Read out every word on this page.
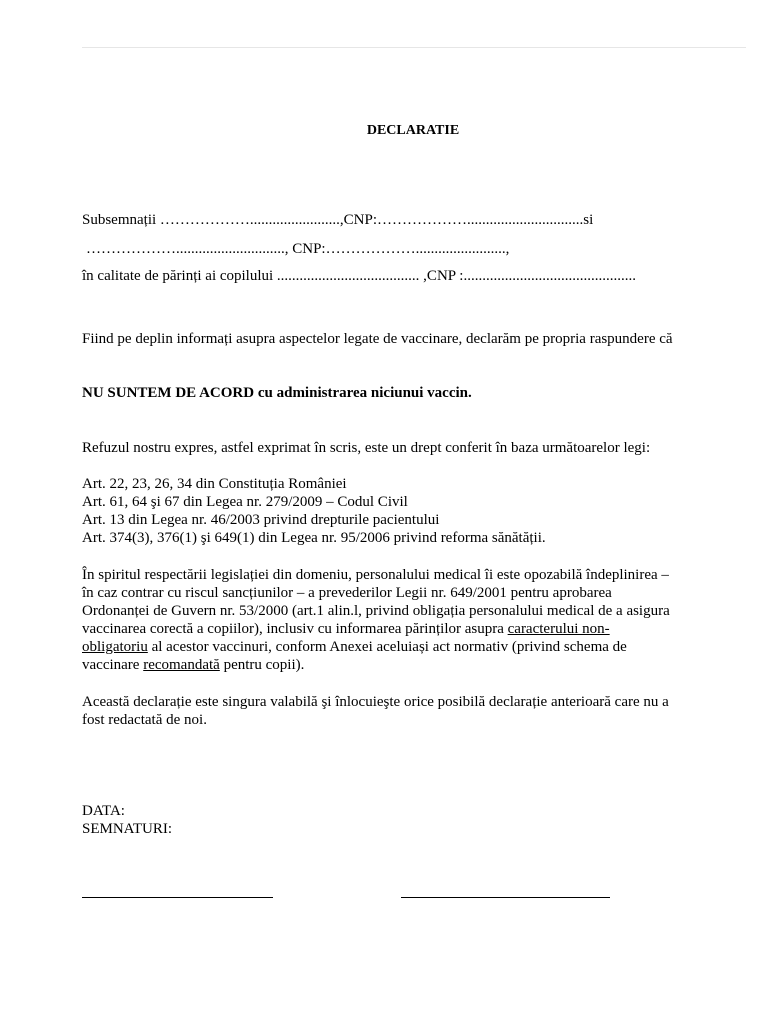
DECLARATIE
Subsemnații ………………........................,CNP:………………...............................si
………………............................., CNP:………………........................,
în calitate de părinți ai copilului ...................................... ,CNP :..............................................
Fiind pe deplin informați asupra aspectelor legate de vaccinare, declarăm pe propria raspundere că
NU SUNTEM DE ACORD cu administrarea niciunui vaccin.
Refuzul nostru expres, astfel exprimat în scris, este un drept conferit în baza următoarelor legi:
Art. 22, 23, 26, 34 din Constituția României
Art. 61, 64 şi 67 din Legea nr. 279/2009 – Codul Civil
Art. 13 din Legea nr. 46/2003 privind drepturile pacientului
Art. 374(3), 376(1) şi 649(1) din Legea nr. 95/2006 privind reforma sănătății.
În spiritul respectării legislației din domeniu, personalului medical îi este opozabilă îndeplinirea –
în caz contrar cu riscul sancțiunilor – a prevederilor Legii nr. 649/2001 pentru aprobarea
Ordonanței de Guvern nr. 53/2000 (art.1 alin.l, privind obligația personalului medical de a asigura
vaccinarea corectă a copiilor), inclusiv cu informarea părinților asupra caracterului non-
obligatoriu al acestor vaccinuri, conform Anexei aceluiași act normativ (privind schema de
vaccinare recomandată pentru copii).
Această declarație este singura valabilă şi înlocuieşte orice posibilă declarație anterioară care nu a
fost redactată de noi.
DATA:
SEMNATURI:
